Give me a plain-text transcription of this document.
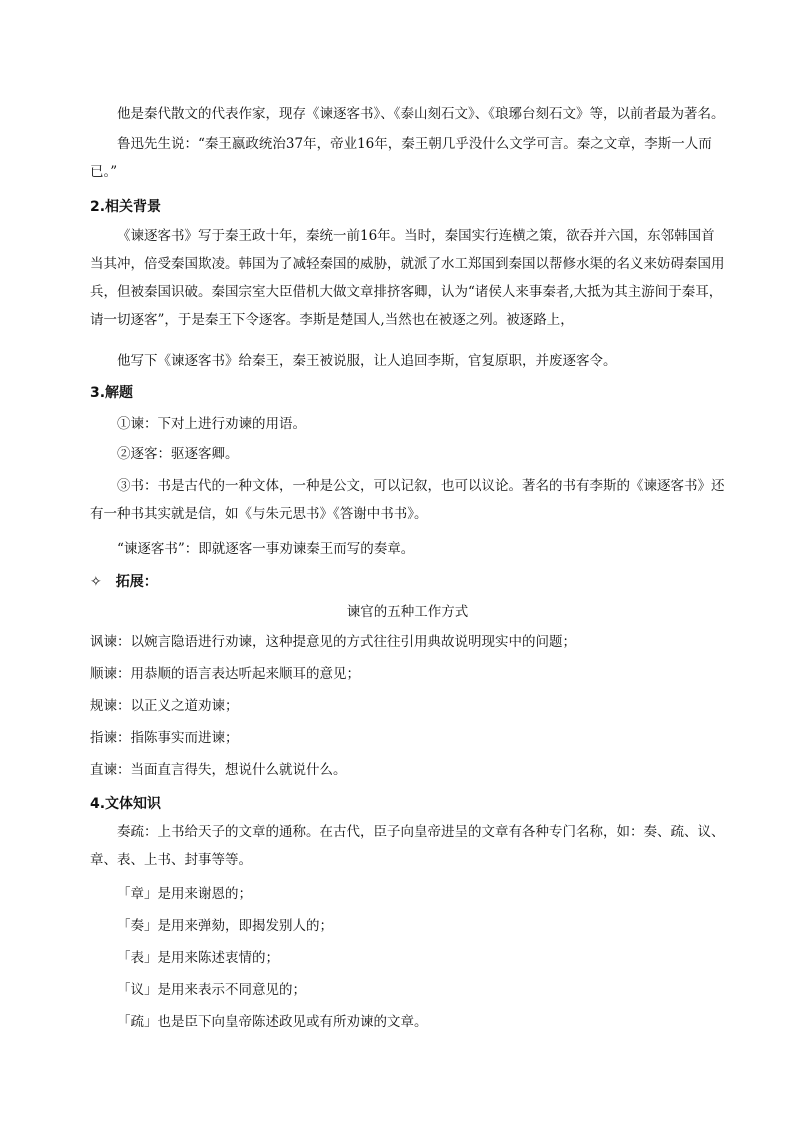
他是秦代散文的代表作家，现存《谏逐客书》、《泰山刻石文》、《琅琊台刻石文》等，以前者最为著名。

鲁迅先生说：“秦王嬴政统治37年，帝业16年，秦王朝几乎没什么文学可言。秦之文章，李斯一人而已。”

2.相关背景

《谏逐客书》写于秦王政十年，秦统一前16年。当时，秦国实行连横之策，欲吞并六国，东邻韩国首当其冲，倍受秦国欺凌。韩国为了减轻秦国的威胁，就派了水工郑国到秦国以帮修水渠的名义来妨碍秦国用兵，但被秦国识破。秦国宗室大臣借机大做文章排挤客卿，认为“诸侯人来事秦者,大抵为其主游间于秦耳，请一切逐客”，于是秦王下令逐客。李斯是楚国人,当然也在被逐之列。被逐路上，

他写下《谏逐客书》给秦王，秦王被说服，让人追回李斯，官复原职，并废逐客令。

3.解题

①谏：下对上进行劝谏的用语。

②逐客：驱逐客卿。

③书：书是古代的一种文体，一种是公文，可以记叙，也可以议论。著名的书有李斯的《谏逐客书》还有一种书其实就是信，如《与朱元思书》《答谢中书书》。

“谏逐客书”：即就逐客一事劝谏秦王而写的奏章。

✧ 拓展：

谏官的五种工作方式

讽谏：以婉言隐语进行劝谏，这种提意见的方式往往引用典故说明现实中的问题；

顺谏：用恭顺的语言表达听起来顺耳的意见；

规谏：以正义之道劝谏；

指谏：指陈事实而进谏；

直谏：当面直言得失，想说什么就说什么。

4.文体知识

奏疏：上书给天子的文章的通称。在古代，臣子向皇帝进呈的文章有各种专门名称，如：奏、疏、议、章、表、上书、封事等等。

「章」是用来谢恩的；

「奏」是用来弹劾，即揭发别人的；

「表」是用来陈述衷情的；

「议」是用来表示不同意见的；

「疏」也是臣下向皇帝陈述政见或有所劝谏的文章。
